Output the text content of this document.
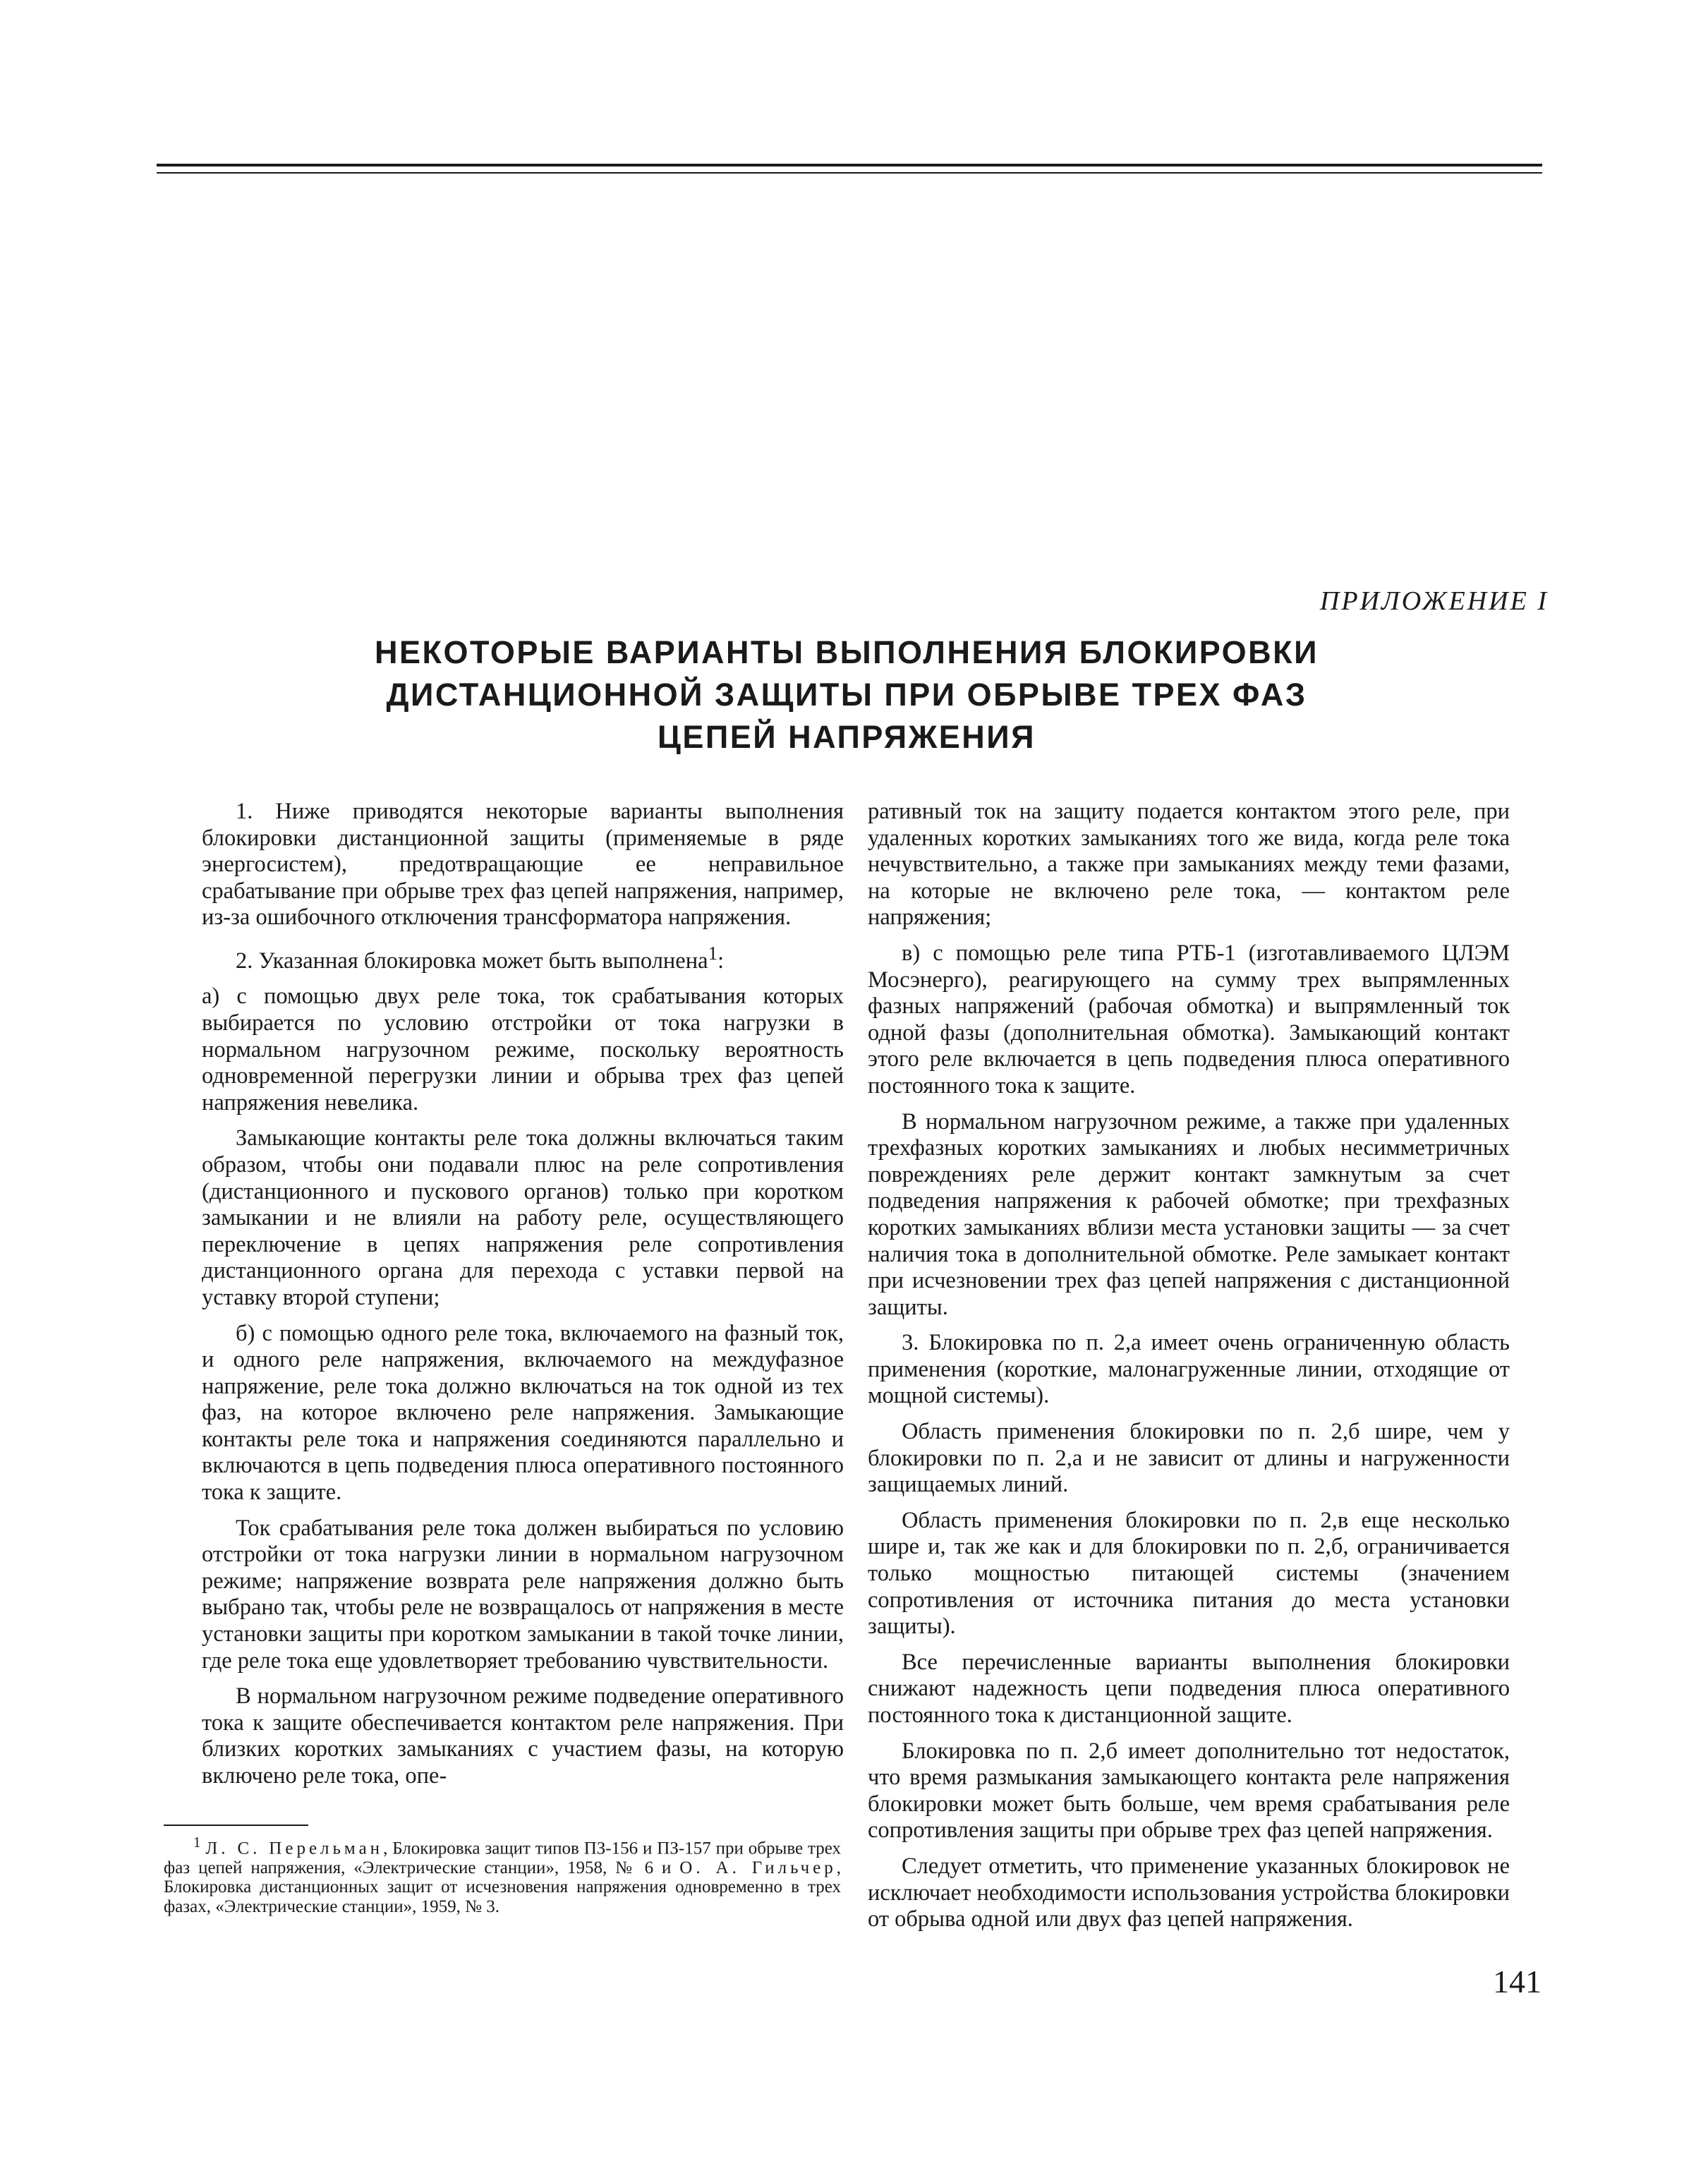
ПРИЛОЖЕНИЕ I

НЕКОТОРЫЕ ВАРИАНТЫ ВЫПОЛНЕНИЯ БЛОКИРОВКИ
ДИСТАНЦИОННОЙ ЗАЩИТЫ ПРИ ОБРЫВЕ ТРЕХ ФАЗ
ЦЕПЕЙ НАПРЯЖЕНИЯ

1. Ниже приводятся некоторые варианты выполнения блокировки дистанционной защиты (применяемые в ряде энергосистем), предотвращающие ее неправильное срабатывание при обрыве трех фаз цепей напряжения, например, из-за ошибочного отключения трансформатора напряжения.

2. Указанная блокировка может быть выполнена$^1$:

а) с помощью двух реле тока, ток срабатывания которых выбирается по условию отстройки от тока нагрузки в нормальном нагрузочном режиме, поскольку вероятность одновременной перегрузки линии и обрыва трех фаз цепей напряжения невелика.

Замыкающие контакты реле тока должны включаться таким образом, чтобы они подавали плюс на реле сопротивления (дистанционного и пускового органов) только при коротком замыкании и не влияли на работу реле, осуществляющего переключение в цепях напряжения реле сопротивления дистанционного органа для перехода с уставки первой на уставку второй ступени;

б) с помощью одного реле тока, включаемого на фазный ток, и одного реле напряжения, включаемого на междуфазное напряжение, реле тока должно включаться на ток одной из тех фаз, на которое включено реле напряжения. Замыкающие контакты реле тока и напряжения соединяются параллельно и включаются в цепь подведения плюса оперативного постоянного тока к защите.

Ток срабатывания реле тока должен выбираться по условию отстройки от тока нагрузки линии в нормальном нагрузочном режиме; напряжение возврата реле напряжения должно быть выбрано так, чтобы реле не возвращалось от напряжения в месте установки защиты при коротком замыкании в такой точке линии, где реле тока еще удовлетворяет требованию чувствительности.

В нормальном нагрузочном режиме подведение оперативного тока к защите обеспечивается контактом реле напряжения. При близких коротких замыканиях с участием фазы, на которую включено реле тока, опе-

$^1$ Л. С. Перельман, Блокировка защит типов ПЗ-156 и ПЗ-157 при обрыве трех фаз цепей напряжения, «Электрические станции», 1958, № 6 и О. А. Гильчер, Блокировка дистанционных защит от исчезновения напряжения одновременно в трех фазах, «Электрические станции», 1959, № 3.

ративный ток на защиту подается контактом этого реле, при удаленных коротких замыканиях того же вида, когда реле тока нечувствительно, а также при замыканиях между теми фазами, на которые не включено реле тока, — контактом реле напряжения;

в) с помощью реле типа РТБ-1 (изготавливаемого ЦЛЭМ Мосэнерго), реагирующего на сумму трех выпрямленных фазных напряжений (рабочая обмотка) и выпрямленный ток одной фазы (дополнительная обмотка). Замыкающий контакт этого реле включается в цепь подведения плюса оперативного постоянного тока к защите.

В нормальном нагрузочном режиме, а также при удаленных трехфазных коротких замыканиях и любых несимметричных повреждениях реле держит контакт замкнутым за счет подведения напряжения к рабочей обмотке; при трехфазных коротких замыканиях вблизи места установки защиты — за счет наличия тока в дополнительной обмотке. Реле замыкает контакт при исчезновении трех фаз цепей напряжения с дистанционной защиты.

3. Блокировка по п. 2,а имеет очень ограниченную область применения (короткие, малонагруженные линии, отходящие от мощной системы).

Область применения блокировки по п. 2,б шире, чем у блокировки по п. 2,а и не зависит от длины и нагруженности защищаемых линий.

Область применения блокировки по п. 2,в еще несколько шире и, так же как и для блокировки по п. 2,б, ограничивается только мощностью питающей системы (значением сопротивления от источника питания до места установки защиты).

Все перечисленные варианты выполнения блокировки снижают надежность цепи подведения плюса оперативного постоянного тока к дистанционной защите.

Блокировка по п. 2,б имеет дополнительно тот недостаток, что время размыкания замыкающего контакта реле напряжения блокировки может быть больше, чем время срабатывания реле сопротивления защиты при обрыве трех фаз цепей напряжения.

Следует отметить, что применение указанных блокировок не исключает необходимости использования устройства блокировки от обрыва одной или двух фаз цепей напряжения.

141
